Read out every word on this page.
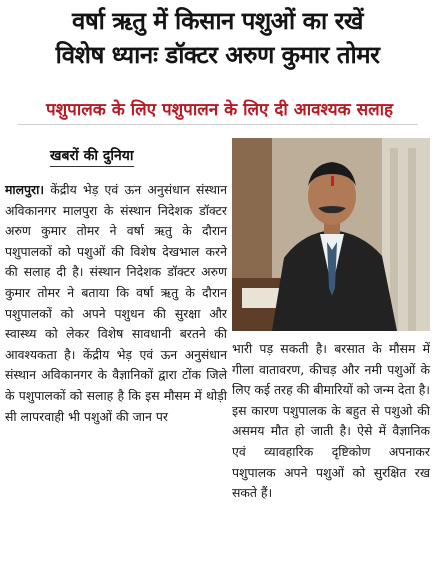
वर्षा ऋतु में किसान पशुओं का रखें
विशेष ध्यानः डॉक्टर अरुण कुमार तोमर
पशुपालक के लिए पशुपालन के लिए दी आवश्यक सलाह
खबरों की दुनिया

मालपुरा। केंद्रीय भेड़ एवं ऊन अनुसंधान संस्थान अविकानगर मालपुरा के संस्थान निदेशक डॉक्टर अरुण कुमार तोमर ने वर्षा ऋतु के दौरान पशुपालकों को पशुओं की विशेष देखभाल करने की सलाह दी है। संस्थान निदेशक डॉक्टर अरुण कुमार तोमर ने बताया कि वर्षा ऋतु के दौरान पशुपालकों को अपने पशुधन की सुरक्षा और स्वास्थ्य को लेकर विशेष सावधानी बरतने की आवश्यकता है। केंद्रीय भेड़ एवं ऊन अनुसंधान संस्थान अविकानगर के वैज्ञानिकों द्वारा टोंक जिले के पशुपालकों को सलाह है कि इस मौसम में थोड़ी सी लापरवाही भी पशुओं की जान पर

भारी पड़ सकती है। बरसात के मौसम में गीला वातावरण, कीचड़ और नमी पशुओं के लिए कई तरह की बीमारियों को जन्म देता है। इस कारण पशुपालक के बहुत से पशुओ की असमय मौत हो जाती है। ऐसे में वैज्ञानिक एवं व्यावहारिक दृष्टिकोण अपनाकर पशुपालक अपने पशुओं को सुरक्षित रख सकते हैं।
